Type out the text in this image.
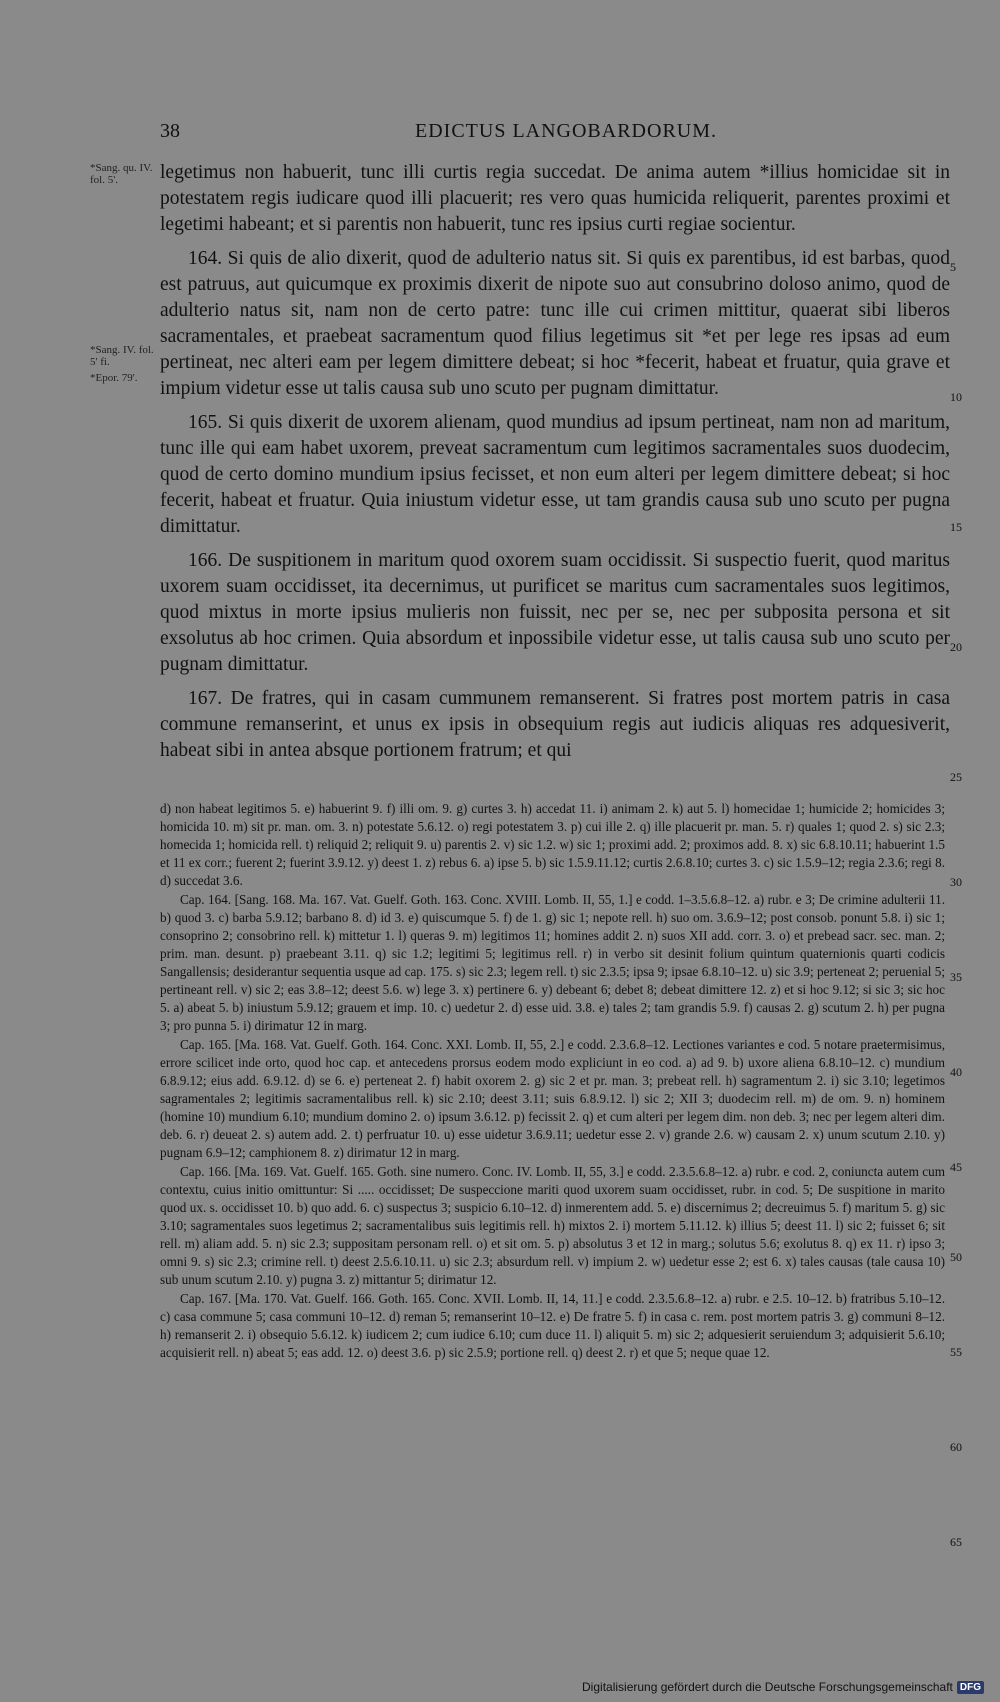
38	EDICTUS LANGOBARDORUM.
*Sang. qu. IV. fol. 5'.
*Sang. IV. fol. 5' fi.
*Epor. 79'.

legetimus non habuerit, tunc illi curtis regia succedat. De anima autem *illius homicidae sit in potestatem regis iudicare quod illi placuerit; res vero quas humicida reliquerit, parentes proximi et legetimi habeant; et si parentis non habuerit, tunc res ipsius curti regiae socientur.

164. Si quis de alio dixerit, quod de adulterio natus sit. Si quis ex parentibus, id est barbas, quod est patruus, aut quicumque ex proximis dixerit de nipote suo aut consubrino doloso animo, quod de adulterio natus sit, nam non de certo patre: tunc ille cui crimen mittitur, quaerat sibi liberos sacramentales, et praebeat sacramentum quod filius legetimus sit *et per lege res ipsas ad eum pertineat, nec alteri eam per legem dimittere debeat; si hoc *fecerit, habeat et fruatur, quia grave et impium videtur esse ut talis causa sub uno scuto per pugnam dimittatur.

165. Si quis dixerit de uxorem alienam, quod mundius ad ipsum pertineat, nam non ad maritum, tunc ille qui eam habet uxorem, preveat sacramentum cum legitimos sacramentales suos duodecim, quod de certo domino mundium ipsius fecisset, et non eum alteri per legem dimittere debeat; si hoc fecerit, habeat et fruatur. Quia iniustum videtur esse, ut tam grandis causa sub uno scuto per pugna dimittatur.

166. De suspitionem in maritum quod oxorem suam occidissit. Si suspectio fuerit, quod maritus uxorem suam occidisset, ita decernimus, ut purificet se maritus cum sacramentales suos legitimos, quod mixtus in morte ipsius mulieris non fuissit, nec per se, nec per subposita persona et sit exsolutus ab hoc crimen. Quia absordum et inpossibile videtur esse, ut talis causa sub uno scuto per pugnam dimittatur.

167. De fratres, qui in casam cummunem remanserent. Si fratres post mortem patris in casa commune remanserint, et unus ex ipsis in obsequium regis aut iudicis aliquas res adquesiverit, habeat sibi in antea absque portionem fratrum; et qui

5
10
15
20
25
30
35
40
45
50
55
60
65

d) non habeat legitimos 5. e) habuerint 9. f) illi om. 9. g) curtes 3. h) accedat 11. i) animam 2. k) aut 5. l) homecidae 1; humicide 2; homicides 3; homicida 10. m) sit pr. man. om. 3. n) potestate 5.6.12. o) regi potestatem 3. p) cui ille 2. q) ille placuerit pr. man. 5. r) quales 1; quod 2. s) sic 2.3; homecida 1; homicida rell. t) reliquid 2; reliquit 9. u) parentis 2. v) sic 1.2. w) sic 1; proximi add. 2; proximos add. 8. x) sic 6.8.10.11; habuerint 1.5 et 11 ex corr.; fuerent 2; fuerint 3.9.12. y) deest 1. z) rebus 6. a) ipse 5. b) sic 1.5.9.11.12; curtis 2.6.8.10; curtes 3. c) sic 1.5.9–12; regia 2.3.6; regi 8. d) succedat 3.6.

Cap. 164. [Sang. 168. Ma. 167. Vat. Guelf. Goth. 163. Conc. XVIII. Lomb. II, 55, 1.] e codd. 1–3.5.6.8–12. a) rubr. e 3; De crimine adulterii 11. b) quod 3. c) barba 5.9.12; barbano 8. d) id 3. e) quiscumque 5. f) de 1. g) sic 1; nepote rell. h) suo om. 3.6.9–12; post consob. ponunt 5.8. i) sic 1; consoprino 2; consobrino rell. k) mittetur 1. l) queras 9. m) legitimos 11; homines addit 2. n) suos XII add. corr. 3. o) et prebead sacr. sec. man. 2; prim. man. desunt. p) praebeant 3.11. q) sic 1.2; legitimi 5; legitimus rell. r) in verbo sit desinit folium quintum quaternionis quarti codicis Sangallensis; desiderantur sequentia usque ad cap. 175. s) sic 2.3; legem rell. t) sic 2.3.5; ipsa 9; ipsae 6.8.10–12. u) sic 3.9; perteneat 2; peruenial 5; pertineant rell. v) sic 2; eas 3.8–12; deest 5.6. w) lege 3. x) pertinere 6. y) debeant 6; debet 8; debeat dimittere 12. z) et si hoc 9.12; si sic 3; sic hoc 5. a) abeat 5. b) iniustum 5.9.12; grauem et imp. 10. c) uedetur 2. d) esse uid. 3.8. e) tales 2; tam grandis 5.9. f) causas 2. g) scutum 2. h) per pugna 3; pro punna 5. i) dirimatur 12 in marg.

Cap. 165. [Ma. 168. Vat. Guelf. Goth. 164. Conc. XXI. Lomb. II, 55, 2.] e codd. 2.3.6.8–12. Lectiones variantes e cod. 5 notare praetermisimus, errore scilicet inde orto, quod hoc cap. et antecedens prorsus eodem modo expliciunt in eo cod. a) ad 9. b) uxore aliena 6.8.10–12. c) mundium 6.8.9.12; eius add. 6.9.12. d) se 6. e) perteneat 2. f) habit oxorem 2. g) sic 2 et pr. man. 3; prebeat rell. h) sagramentum 2. i) sic 3.10; legetimos sagramentales 2; legitimis sacramentalibus rell. k) sic 2.10; deest 3.11; suis 6.8.9.12. l) sic 2; XII 3; duodecim rell. m) de om. 9. n) hominem (homine 10) mundium 6.10; mundium domino 2. o) ipsum 3.6.12. p) fecissit 2. q) et cum alteri per legem dim. non deb. 3; nec per legem alteri dim. deb. 6. r) deueat 2. s) autem add. 2. t) perfruatur 10. u) esse uidetur 3.6.9.11; uedetur esse 2. v) grande 2.6. w) causam 2. x) unum scutum 2.10. y) pugnam 6.9–12; camphionem 8. z) dirimatur 12 in marg.

Cap. 166. [Ma. 169. Vat. Guelf. 165. Goth. sine numero. Conc. IV. Lomb. II, 55, 3.] e codd. 2.3.5.6.8–12. a) rubr. e cod. 2, coniuncta autem cum contextu, cuius initio omittuntur: Si ..... occidisset; De suspeccione mariti quod uxorem suam occidisset, rubr. in cod. 5; De suspitione in marito quod ux. s. occidisset 10. b) quo add. 6. c) suspectus 3; suspicio 6.10–12. d) inmerentem add. 5. e) discernimus 2; decreuimus 5. f) maritum 5. g) sic 3.10; sagramentales suos legetimus 2; sacramentalibus suis legitimis rell. h) mixtos 2. i) mortem 5.11.12. k) illius 5; deest 11. l) sic 2; fuisset 6; sit rell. m) aliam add. 5. n) sic 2.3; suppositam personam rell. o) et sit om. 5. p) absolutus 3 et 12 in marg.; solutus 5.6; exolutus 8. q) ex 11. r) ipso 3; omni 9. s) sic 2.3; crimine rell. t) deest 2.5.6.10.11. u) sic 2.3; absurdum rell. v) impium 2. w) uedetur esse 2; est 6. x) tales causas (tale causa 10) sub unum scutum 2.10. y) pugna 3. z) mittantur 5; dirimatur 12.

Cap. 167. [Ma. 170. Vat. Guelf. 166. Goth. 165. Conc. XVII. Lomb. II, 14, 11.] e codd. 2.3.5.6.8–12. a) rubr. e 2.5. 10–12. b) fratribus 5.10–12. c) casa commune 5; casa communi 10–12. d) reman 5; remanserint 10–12. e) De fratre 5. f) in casa c. rem. post mortem patris 3. g) communi 8–12. h) remanserit 2. i) obsequio 5.6.12. k) iudicem 2; cum iudice 6.10; cum duce 11. l) aliquit 5. m) sic 2; adquesierit seruiendum 3; adquisierit 5.6.10; acquisierit rell. n) abeat 5; eas add. 12. o) deest 3.6. p) sic 2.5.9; portione rell. q) deest 2. r) et que 5; neque quae 12.

Digitalisierung gefördert durch die Deutsche Forschungsgemeinschaft DFG
